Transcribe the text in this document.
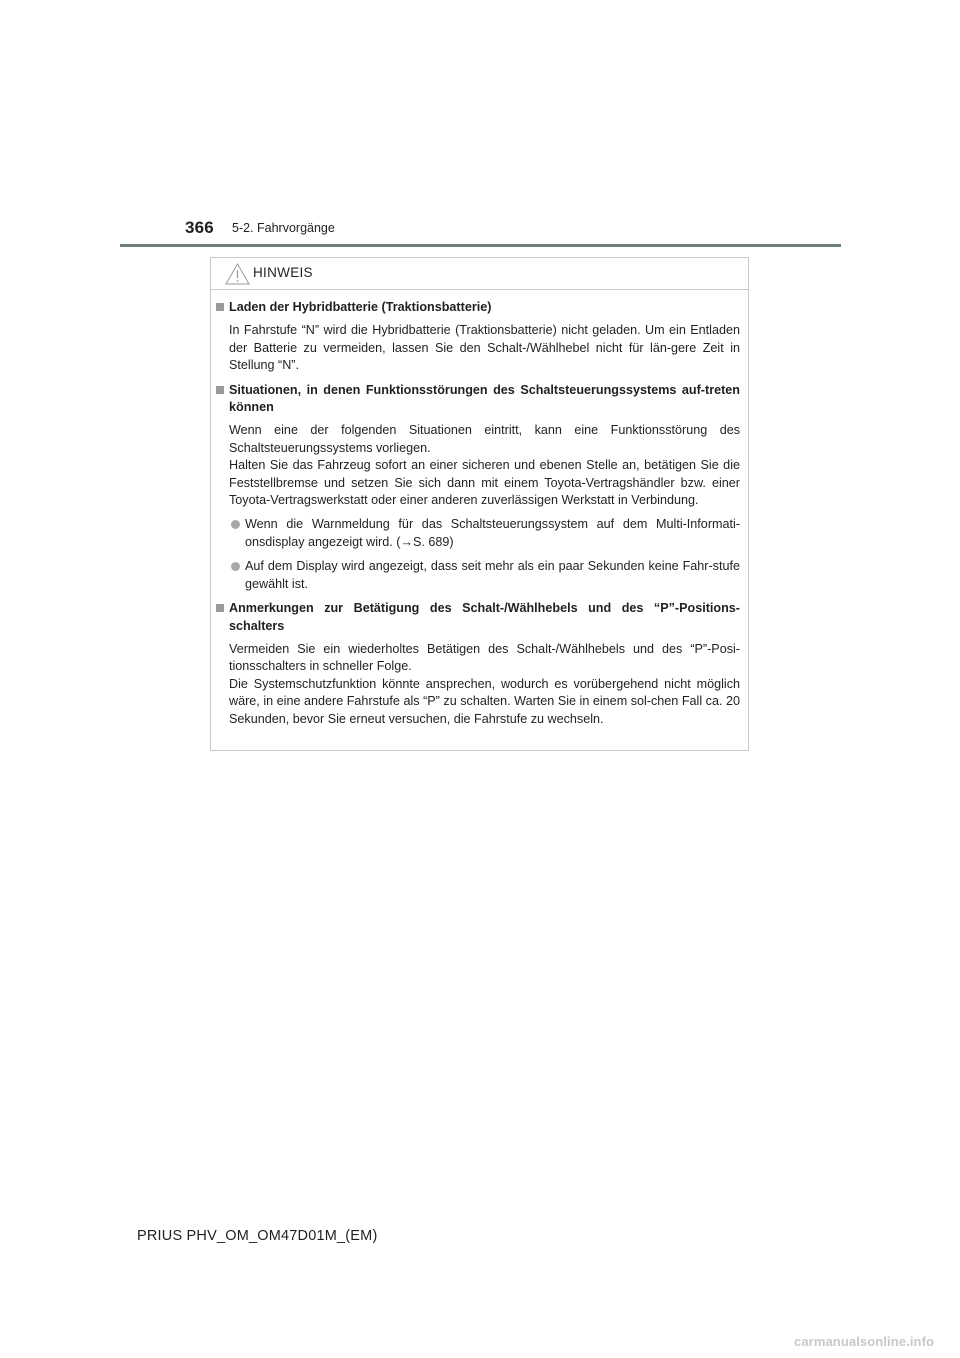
366 5-2. Fahrvorgänge
HINWEIS
Laden der Hybridbatterie (Traktionsbatterie)
In Fahrstufe “N” wird die Hybridbatterie (Traktionsbatterie) nicht geladen. Um ein Entladen der Batterie zu vermeiden, lassen Sie den Schalt-/Wählhebel nicht für län-gere Zeit in Stellung “N”.
Situationen, in denen Funktionsstörungen des Schaltsteuerungssystems auf-treten können
Wenn eine der folgenden Situationen eintritt, kann eine Funktionsstörung des Schaltsteuerungssystems vorliegen.
Halten Sie das Fahrzeug sofort an einer sicheren und ebenen Stelle an, betätigen Sie die Feststellbremse und setzen Sie sich dann mit einem Toyota-Vertragshändler bzw. einer Toyota-Vertragswerkstatt oder einer anderen zuverlässigen Werkstatt in Verbindung.
Wenn die Warnmeldung für das Schaltsteuerungssystem auf dem Multi-Informati-onsdisplay angezeigt wird. (→S. 689)
Auf dem Display wird angezeigt, dass seit mehr als ein paar Sekunden keine Fahr-stufe gewählt ist.
Anmerkungen zur Betätigung des Schalt-/Wählhebels und des “P”-Positions-schalters
Vermeiden Sie ein wiederholtes Betätigen des Schalt-/Wählhebels und des “P”-Posi-tionsschalters in schneller Folge.
Die Systemschutzfunktion könnte ansprechen, wodurch es vorübergehend nicht möglich wäre, in eine andere Fahrstufe als “P” zu schalten. Warten Sie in einem sol-chen Fall ca. 20 Sekunden, bevor Sie erneut versuchen, die Fahrstufe zu wechseln.
PRIUS PHV_OM_OM47D01M_(EM)
carmanualsonline.info
